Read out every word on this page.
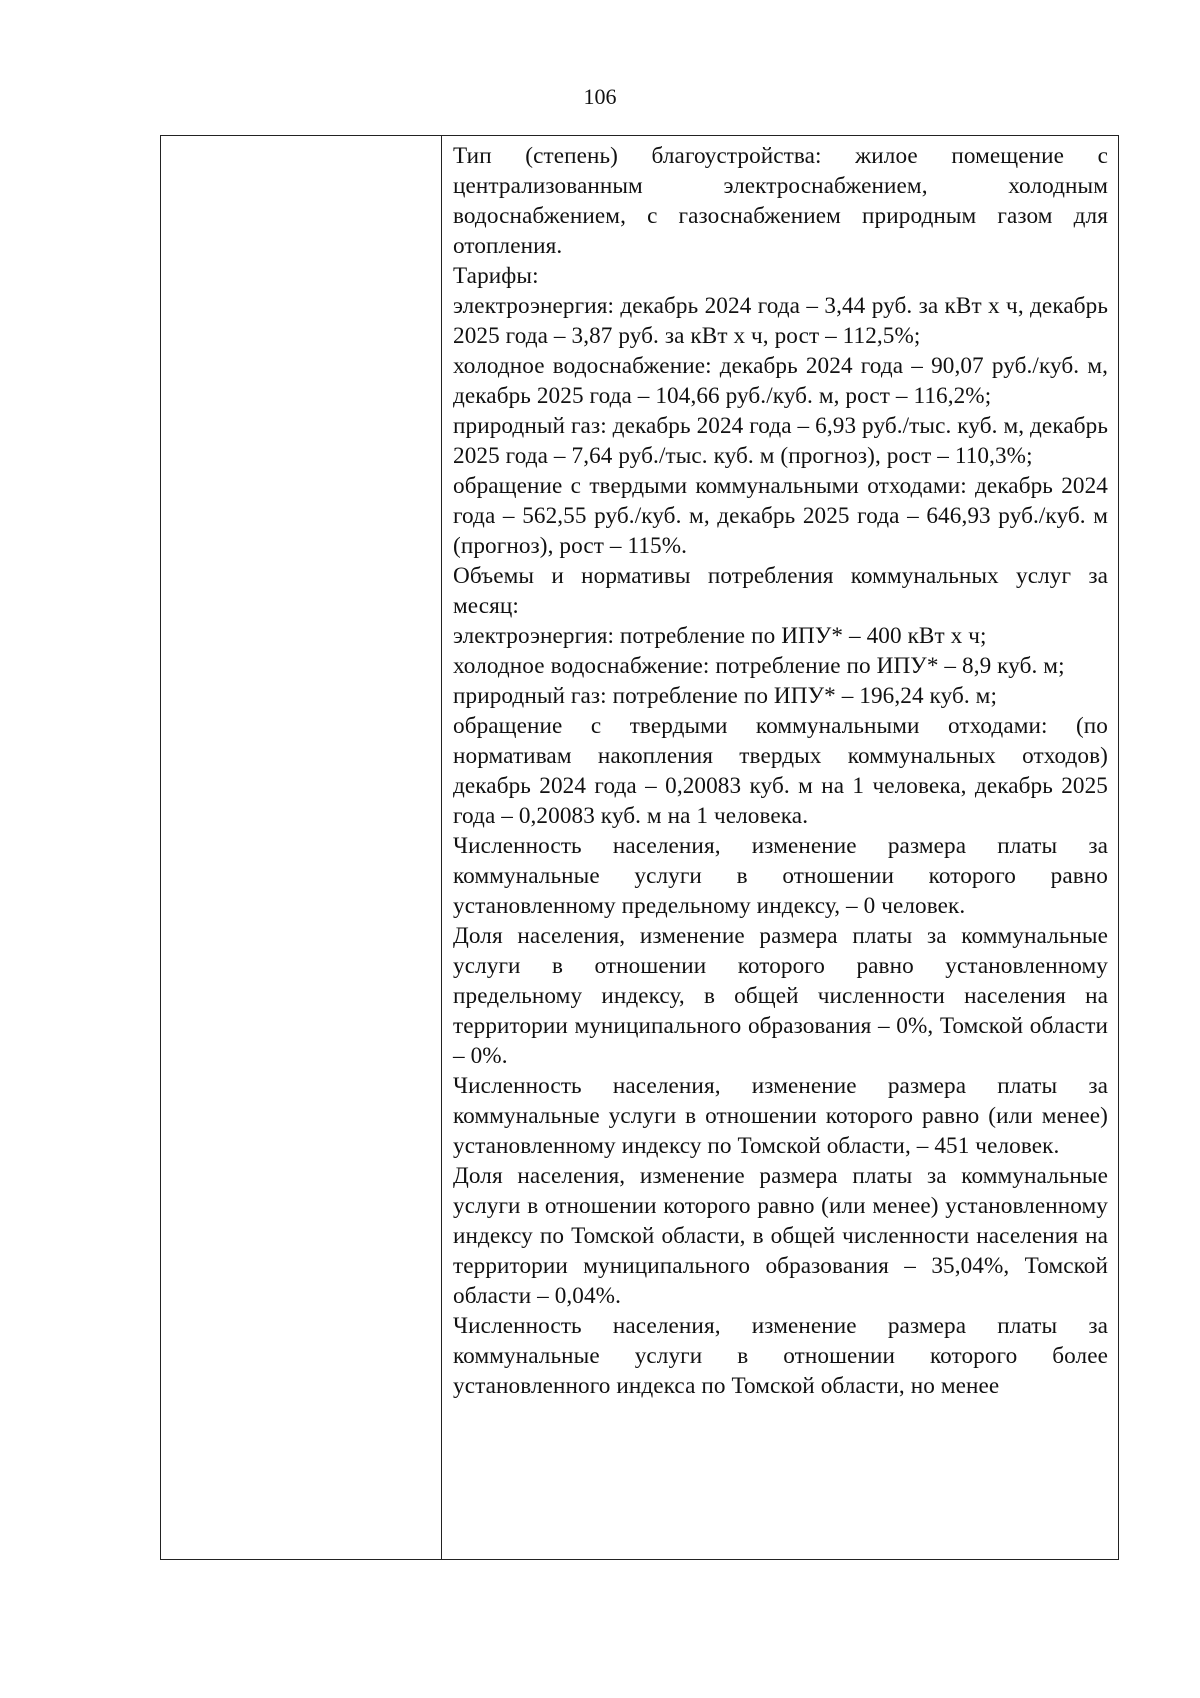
106

Тип (степень) благоустройства: жилое помещение с централизованным электроснабжением, холодным водоснабжением, с газоснабжением природным газом для отопления.

Тарифы:

электроэнергия: декабрь 2024 года – 3,44 руб. за кВт х ч, декабрь 2025 года – 3,87 руб. за кВт х ч, рост – 112,5%;

холодное водоснабжение: декабрь 2024 года – 90,07 руб./куб. м, декабрь 2025 года – 104,66 руб./куб. м, рост – 116,2%;

природный газ: декабрь 2024 года – 6,93 руб./тыс. куб. м, декабрь 2025 года – 7,64 руб./тыс. куб. м (прогноз), рост – 110,3%;

обращение с твердыми коммунальными отходами: декабрь 2024 года – 562,55 руб./куб. м, декабрь 2025 года – 646,93 руб./куб. м (прогноз), рост – 115%.

Объемы и нормативы потребления коммунальных услуг за месяц:

электроэнергия: потребление по ИПУ* – 400 кВт х ч;

холодное водоснабжение: потребление по ИПУ* – 8,9 куб. м;

природный газ: потребление по ИПУ* – 196,24 куб. м;

обращение с твердыми коммунальными отходами: (по нормативам накопления твердых коммунальных отходов) декабрь 2024 года – 0,20083 куб. м на 1 человека, декабрь 2025 года – 0,20083 куб. м на 1 человека.

Численность населения, изменение размера платы за коммунальные услуги в отношении которого равно установленному предельному индексу, – 0 человек.

Доля населения, изменение размера платы за коммунальные услуги в отношении которого равно установленному предельному индексу, в общей численности населения на территории муниципального образования – 0%, Томской области – 0%.

Численность населения, изменение размера платы за коммунальные услуги в отношении которого равно (или менее) установленному индексу по Томской области, – 451 человек.

Доля населения, изменение размера платы за коммунальные услуги в отношении которого равно (или менее) установленному индексу по Томской области, в общей численности населения на территории муниципального образования – 35,04%, Томской области – 0,04%.

Численность населения, изменение размера платы за коммунальные услуги в отношении которого более установленного индекса по Томской области, но менее
